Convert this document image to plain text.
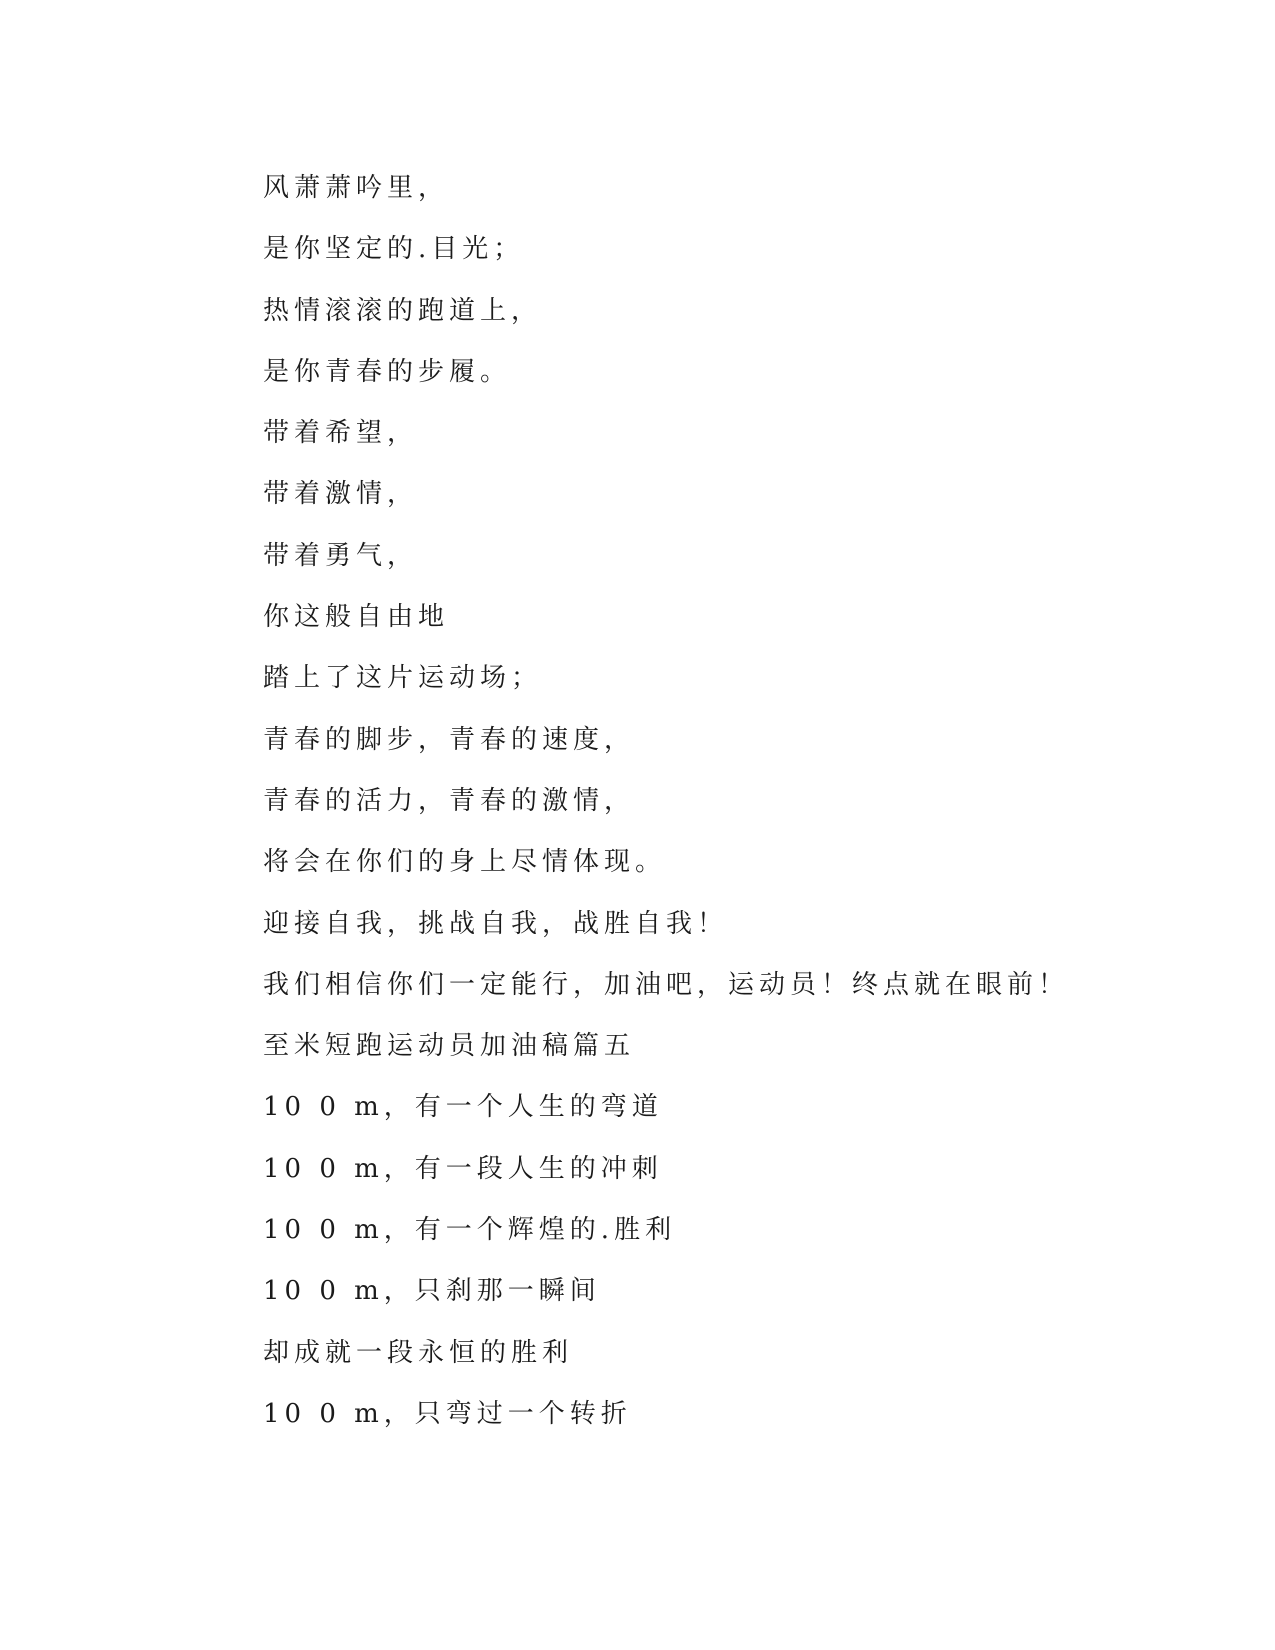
风萧萧吟里，
是你坚定的.目光；
热情滚滚的跑道上，
是你青春的步履。
带着希望，
带着激情，
带着勇气，
你这般自由地
踏上了这片运动场；
青春的脚步，青春的速度，
青春的活力，青春的激情，
将会在你们的身上尽情体现。
迎接自我，挑战自我，战胜自我！
我们相信你们一定能行，加油吧，运动员！终点就在眼前！
至米短跑运动员加油稿篇五
10 0 m，有一个人生的弯道
10 0 m，有一段人生的冲刺
10 0 m，有一个辉煌的.胜利
10 0 m，只刹那一瞬间
却成就一段永恒的胜利
10 0 m，只弯过一个转折
